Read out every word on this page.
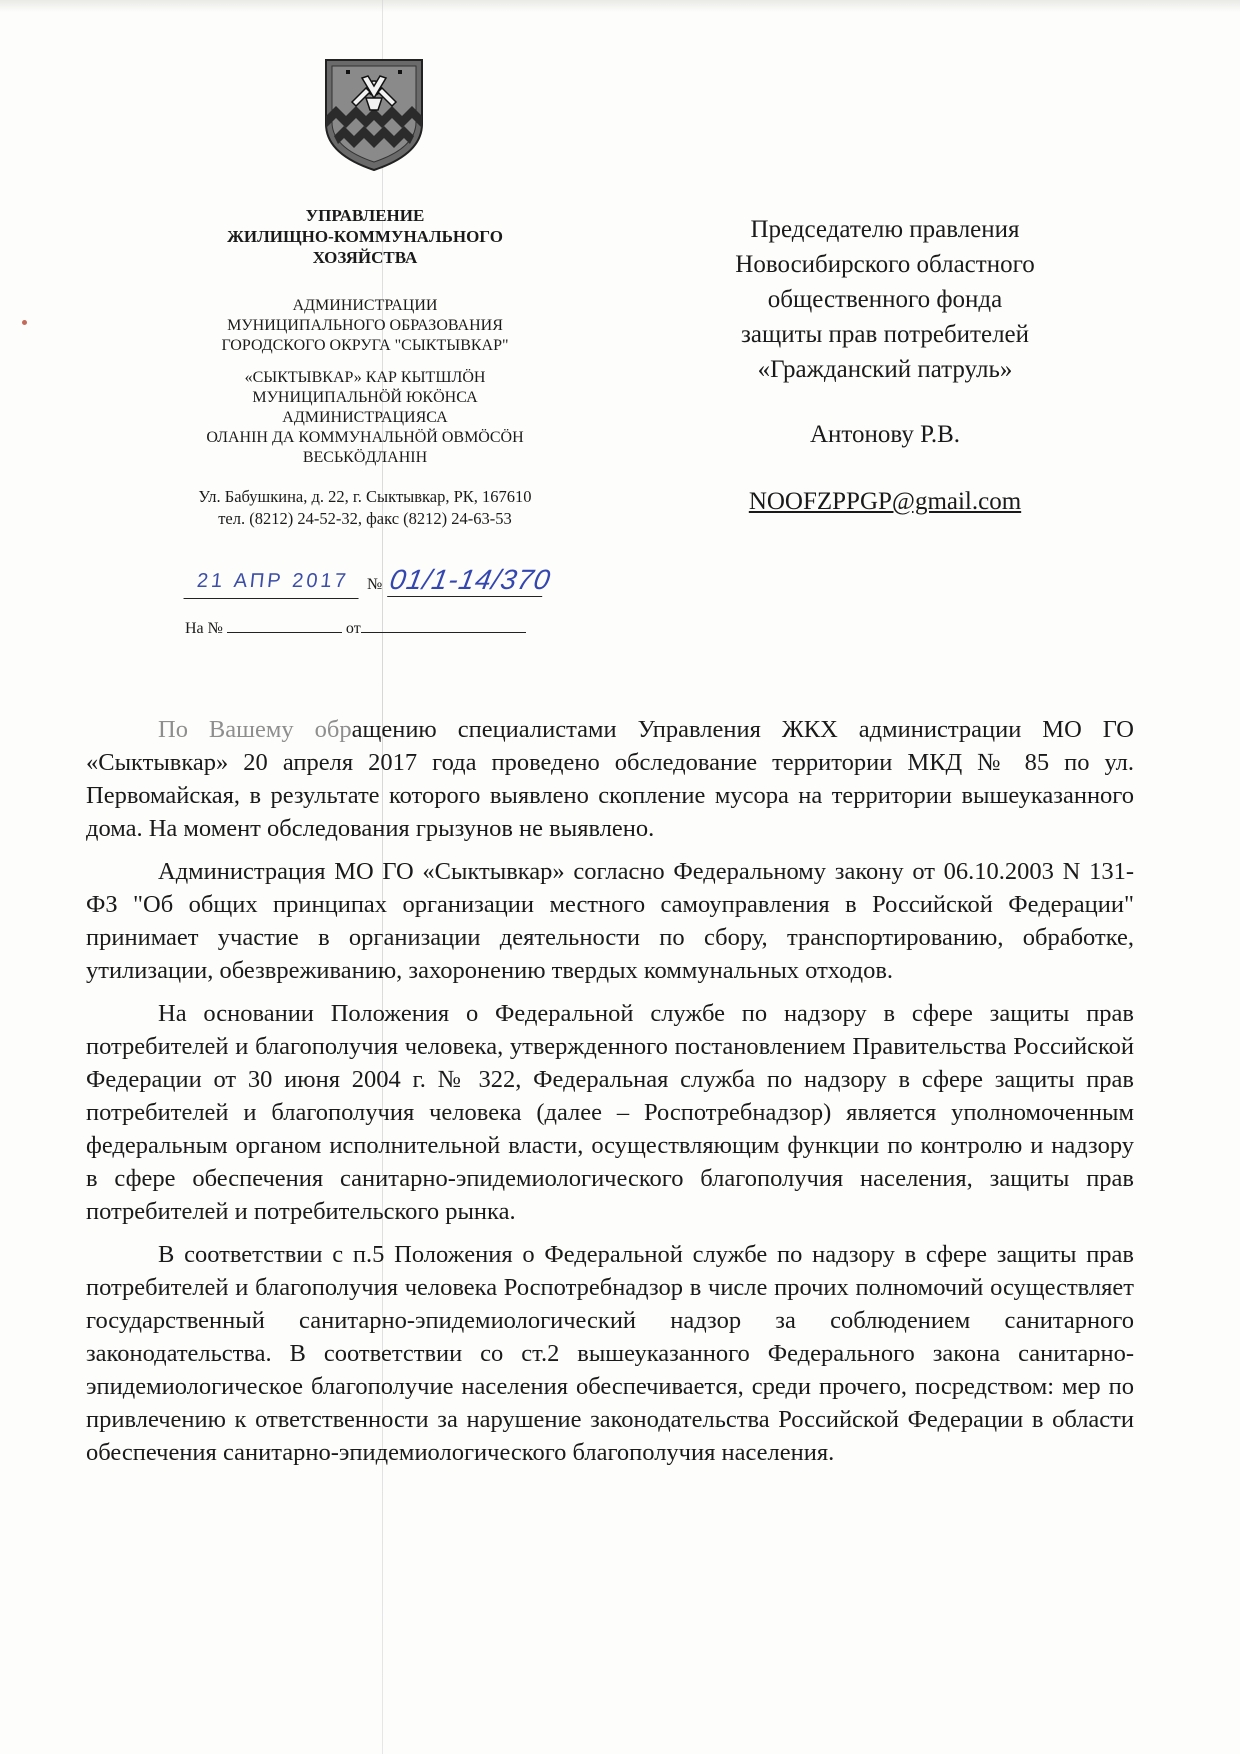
УПРАВЛЕНИЕ
ЖИЛИЩНО-КОММУНАЛЬНОГО
ХОЗЯЙСТВА
АДМИНИСТРАЦИИ
МУНИЦИПАЛЬНОГО ОБРАЗОВАНИЯ
ГОРОДСКОГО ОКРУГА "СЫКТЫВКАР"
«СЫКТЫВКАР» КАР КЫТШЛӦН
МУНИЦИПАЛЬНӦЙ ЮКӦНСА
АДМИНИСТРАЦИЯСА
ОЛАНIН ДА КОММУНАЛЬНӦЙ ОВМӦСӦН
ВЕСЬКӦДЛАНIН
Ул. Бабушкина, д. 22, г. Сыктывкар, РК, 167610
тел. (8212) 24-52-32, факс (8212) 24-63-53
21 АПР 2017	№ 01/1-14/370
На №	от
Председателю правления
Новосибирского областного
общественного фонда
защиты прав потребителей
«Гражданский патруль»
Антонову Р.В.
NOOFZPPGP@gmail.com

По Вашему обращению специалистами Управления ЖКХ администрации МО ГО «Сыктывкар» 20 апреля 2017 года проведено обследование территории МКД № 85 по ул. Первомайская, в результате которого выявлено скопление мусора на территории вышеуказанного дома. На момент обследования грызунов не выявлено.

Администрация МО ГО «Сыктывкар» согласно Федеральному закону от 06.10.2003 N 131-ФЗ "Об общих принципах организации местного самоуправления в Российской Федерации" принимает участие в организации деятельности по сбору, транспортированию, обработке, утилизации, обезвреживанию, захоронению твердых коммунальных отходов.

На основании Положения о Федеральной службе по надзору в сфере защиты прав потребителей и благополучия человека, утвержденного постановлением Правительства Российской Федерации от 30 июня 2004 г. № 322, Федеральная служба по надзору в сфере защиты прав потребителей и благополучия человека (далее – Роспотребнадзор) является уполномоченным федеральным органом исполнительной власти, осуществляющим функции по контролю и надзору в сфере обеспечения санитарно-эпидемиологического благополучия населения, защиты прав потребителей и потребительского рынка.

В соответствии с п.5 Положения о Федеральной службе по надзору в сфере защиты прав потребителей и благополучия человека Роспотребнадзор в числе прочих полномочий осуществляет государственный санитарно-эпидемиологический надзор за соблюдением санитарного законодательства. В соответствии со ст.2 вышеуказанного Федерального закона санитарно-эпидемиологическое благополучие населения обеспечивается, среди прочего, посредством: мер по привлечению к ответственности за нарушение законодательства Российской Федерации в области обеспечения санитарно-эпидемиологического благополучия населения.
